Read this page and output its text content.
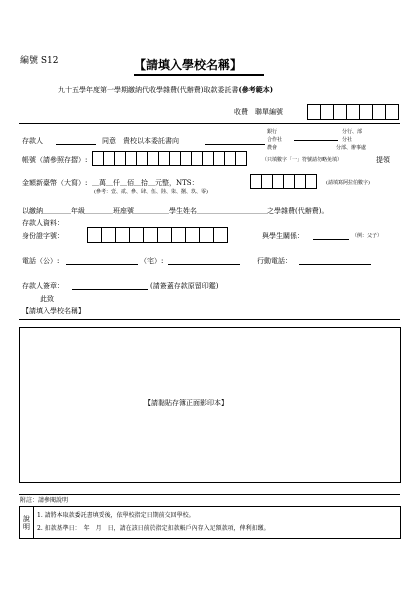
編號 S12	【請填入學校名稱】
九十五學年度第一學期繳納代收學雜費(代辦費)取款委託書(參考範本)
收費　聯單編號
存款人	同意　貴校以本委託書向
銀行
合作社
農會
分行、部
分社
分部、辦事處
帳號（請參照存摺）:	（只填數字「一」符號請勿略免填）	提領
金額新臺幣（大寫）: ＿萬＿仟＿佰＿拾＿元整，NTS：	(請填寫阿拉伯數字)
(參考：壹、貳、參、肆、伍、陸、柒、捌、玖、零)
以繳納＿＿＿＿年級＿＿＿＿班座號＿＿＿＿＿學生姓名＿＿＿＿＿＿＿＿＿＿之學雜費(代辦費)。
存款人資料：
身份證字號：	與學生關係：	（例：父子）
電話（公）:	（宅）:	行動電話：
存款人簽章：	(請簽蓋存款原留印鑑)
此致
【請填入學校名稱】
【請黏貼存簿正面影印本】
附註：請參閱說明
說明
1. 請將本取款委託書填妥後，依學校指定日期前交回學校。
2. 扣款基準日：　年　月　日，請在該日前於指定扣款帳戶內存入足額款項，俾利扣繳。
